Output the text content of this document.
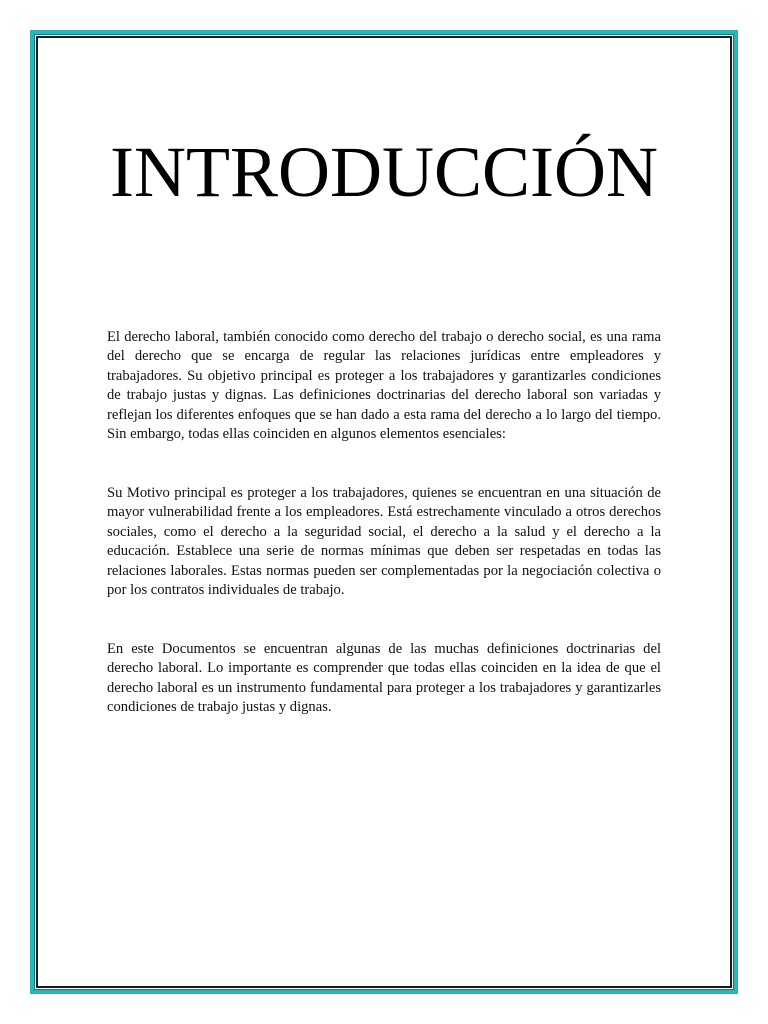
INTRODUCCIÓN

El derecho laboral, también conocido como derecho del trabajo o derecho social, es una rama del derecho que se encarga de regular las relaciones jurídicas entre empleadores y trabajadores. Su objetivo principal es proteger a los trabajadores y garantizarles condiciones de trabajo justas y dignas. Las definiciones doctrinarias del derecho laboral son variadas y reflejan los diferentes enfoques que se han dado a esta rama del derecho a lo largo del tiempo. Sin embargo, todas ellas coinciden en algunos elementos esenciales:

Su Motivo principal es proteger a los trabajadores, quienes se encuentran en una situación de mayor vulnerabilidad frente a los empleadores. Está estrechamente vinculado a otros derechos sociales, como el derecho a la seguridad social, el derecho a la salud y el derecho a la educación. Establece una serie de normas mínimas que deben ser respetadas en todas las relaciones laborales. Estas normas pueden ser complementadas por la negociación colectiva o por los contratos individuales de trabajo.

En este Documentos se encuentran algunas de las muchas definiciones doctrinarias del derecho laboral. Lo importante es comprender que todas ellas coinciden en la idea de que el derecho laboral es un instrumento fundamental para proteger a los trabajadores y garantizarles condiciones de trabajo justas y dignas.
